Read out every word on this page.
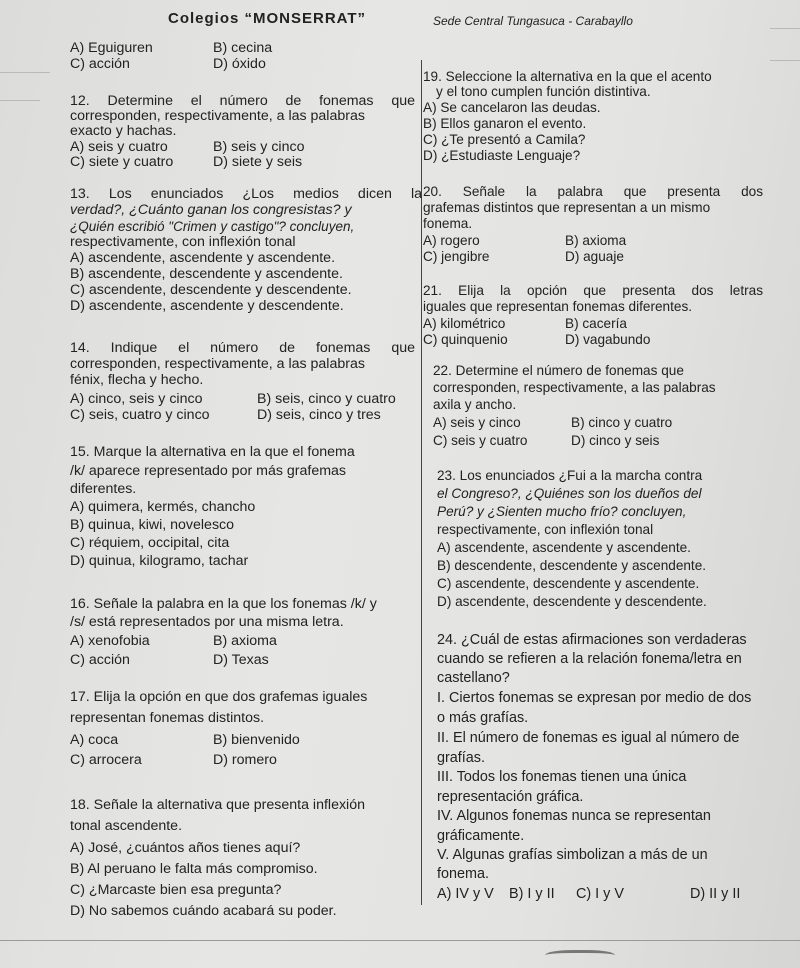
Colegios “MONSERRAT”	Sede Central Tungasuca - Carabayllo
A) Eguiguren	B) cecina
C) acción	D) óxido
12. Determine el número de fonemas que
corresponden, respectivamente, a las palabras
exacto y hachas.
A) seis y cuatro	B) seis y cinco
C) siete y cuatro	D) siete y seis
13. Los enunciados ¿Los medios dicen la
verdad?, ¿Cuánto ganan los congresistas? y
¿Quién escribió "Crimen y castigo"? concluyen,
respectivamente, con inflexión tonal
A) ascendente, ascendente y ascendente.
B) ascendente, descendente y ascendente.
C) ascendente, descendente y descendente.
D) ascendente, ascendente y descendente.
14. Indique el número de fonemas que
corresponden, respectivamente, a las palabras
fénix, flecha y hecho.
A) cinco, seis y cinco	B) seis, cinco y cuatro
C) seis, cuatro y cinco	D) seis, cinco y tres
15. Marque la alternativa en la que el fonema
/k/ aparece representado por más grafemas
diferentes.
A) quimera, kermés, chancho
B) quinua, kiwi, novelesco
C) réquiem, occipital, cita
D) quinua, kilogramo, tachar
16. Señale la palabra en la que los fonemas /k/ y
/s/ está representados por una misma letra.
A) xenofobia	B) axioma
C) acción	D) Texas
17. Elija la opción en que dos grafemas iguales
representan fonemas distintos.
A) coca	B) bienvenido
C) arrocera	D) romero
18. Señale la alternativa que presenta inflexión
tonal ascendente.
A) José, ¿cuántos años tienes aquí?
B) Al peruano le falta más compromiso.
C) ¿Marcaste bien esa pregunta?
D) No sabemos cuándo acabará su poder.
19. Seleccione la alternativa en la que el acento
y el tono cumplen función distintiva.
A) Se cancelaron las deudas.
B) Ellos ganaron el evento.
C) ¿Te presentó a Camila?
D) ¿Estudiaste Lenguaje?
20. Señale la palabra que presenta dos
grafemas distintos que representan a un mismo
fonema.
A) rogero	B) axioma
C) jengibre	D) aguaje
21. Elija la opción que presenta dos letras
iguales que representan fonemas diferentes.
A) kilométrico	B) cacería
C) quinquenio	D) vagabundo
22. Determine el número de fonemas que
corresponden, respectivamente, a las palabras
axila y ancho.
A) seis y cinco	B) cinco y cuatro
C) seis y cuatro	D) cinco y seis
23. Los enunciados ¿Fui a la marcha contra
el Congreso?, ¿Quiénes son los dueños del
Perú? y ¿Sienten mucho frío? concluyen,
respectivamente, con inflexión tonal
A) ascendente, ascendente y ascendente.
B) descendente, descendente y ascendente.
C) ascendente, descendente y ascendente.
D) ascendente, descendente y descendente.
24. ¿Cuál de estas afirmaciones son verdaderas
cuando se refieren a la relación fonema/letra en
castellano?
I. Ciertos fonemas se expresan por medio de dos
o más grafías.
II. El número de fonemas es igual al número de
grafías.
III. Todos los fonemas tienen una única
representación gráfica.
IV. Algunos fonemas nunca se representan
gráficamente.
V. Algunas grafías simbolizan a más de un
fonema.
A) IV y V B) I y II C) I y V	D) II y II
